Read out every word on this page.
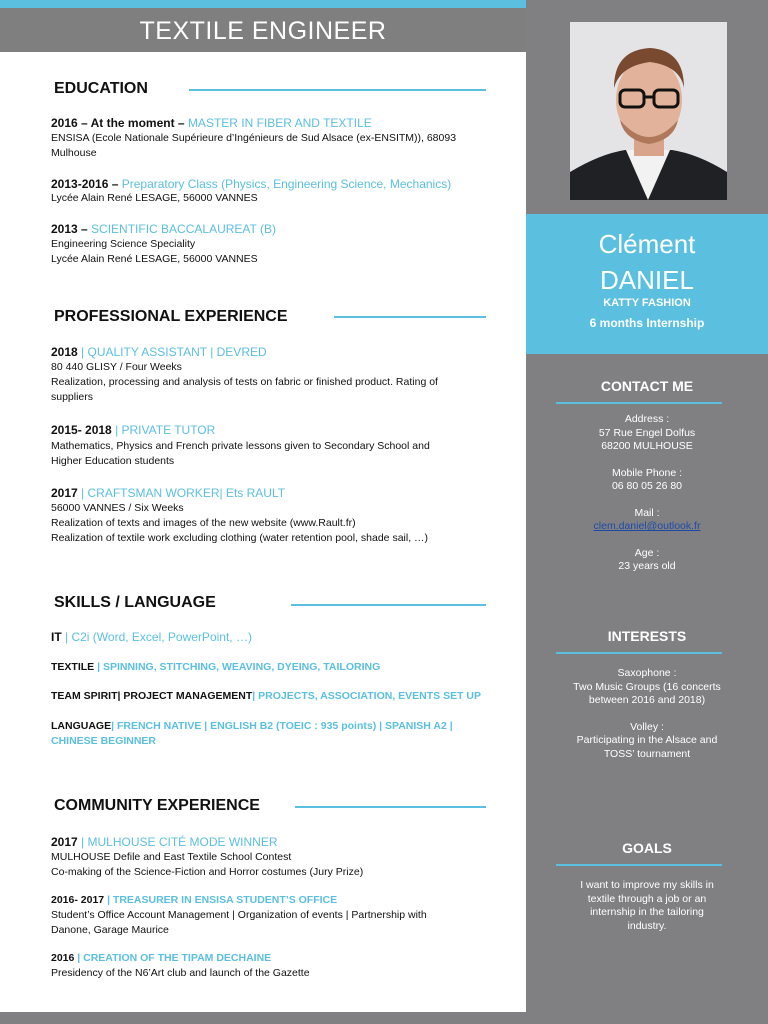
TEXTILE ENGINEER
Clément
DANIEL
KATTY FASHION
6 months Internship
CONTACT ME
Address :
57 Rue Engel Dolfus
68200 MULHOUSE
Mobile Phone :
06 80 05 26 80
Mail :
clem.daniel@outlook.fr
Age :
23 years old
INTERESTS
Saxophone :
Two Music Groups (16 concerts
between 2016 and 2018)
Volley :
Participating in the Alsace and
TOSS’ tournament
GOALS
I want to improve my skills in
textile through a job or an
internship in the tailoring
industry.
EDUCATION
2016 – At the moment – MASTER IN FIBER AND TEXTILE
ENSISA (Ecole Nationale Supérieure d’Ingénieurs de Sud Alsace (ex-ENSITM)), 68093
Mulhouse
2013-2016 – Preparatory Class (Physics, Engineering Science, Mechanics)
Lycée Alain René LESAGE, 56000 VANNES
2013 – SCIENTIFIC BACCALAUREAT (B)
Engineering Science Speciality
Lycée Alain René LESAGE, 56000 VANNES
PROFESSIONAL EXPERIENCE
2018 | QUALITY ASSISTANT | DEVRED
80 440 GLISY / Four Weeks
Realization, processing and analysis of tests on fabric or finished product. Rating of
suppliers
2015- 2018 | PRIVATE TUTOR
Mathematics, Physics and French private lessons given to Secondary School and
Higher Education students
2017 | CRAFTSMAN WORKER| Ets RAULT
56000 VANNES / Six Weeks
Realization of texts and images of the new website (www.Rault.fr)
Realization of textile work excluding clothing (water retention pool, shade sail, …)
SKILLS / LANGUAGE
IT | C2i (Word, Excel, PowerPoint, …)
TEXTILE | SPINNING, STITCHING, WEAVING, DYEING, TAILORING
TEAM SPIRIT| PROJECT MANAGEMENT| PROJECTS, ASSOCIATION, EVENTS SET UP
LANGUAGE| FRENCH NATIVE | ENGLISH B2 (TOEIC : 935 points) | SPANISH A2 |
CHINESE BEGINNER
COMMUNITY EXPERIENCE
2017 | MULHOUSE CITÉ MODE WINNER
MULHOUSE Defile and East Textile School Contest
Co-making of the Science-Fiction and Horror costumes (Jury Prize)
2016- 2017 | TREASURER IN ENSISA STUDENT’S OFFICE
Student’s Office Account Management | Organization of events | Partnership with
Danone, Garage Maurice
2016 | CREATION OF THE TIPAM DECHAINE
Presidency of the N6’Art club and launch of the Gazette
